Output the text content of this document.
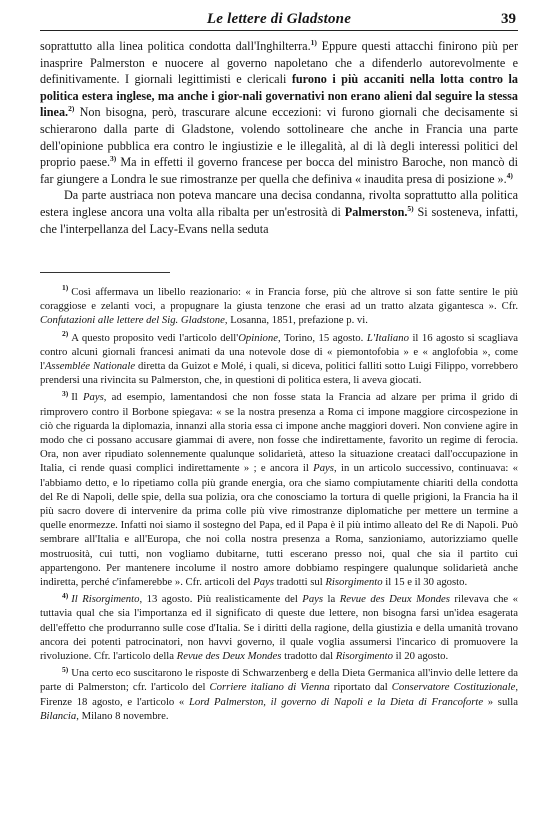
Le lettere di Gladstone	39

soprattutto alla linea politica condotta dall'Inghilterra.$^{1)}$ Eppure questi attacchi finirono più per inasprire Palmerston e nuocere al governo napoletano che a difenderlo autorevolmente e definitivamente. I giornali legittimisti e clericali furono i più accaniti nella lotta contro la politica estera inglese, ma anche i gior-nali governativi non erano alieni dal seguire la stessa linea.$^{2)}$ Non bisogna, però, trascurare alcune eccezioni: vi furono giornali che decisamente si schierarono dalla parte di Gladstone, volendo sottolineare che anche in Francia una parte dell'opinione pubblica era contro le ingiustizie e le illegalità, al di là degli interessi politici del proprio paese.$^{3)}$ Ma in effetti il governo francese per bocca del ministro Baroche, non mancò di far giungere a Londra le sue rimostranze per quella che definiva « inaudita presa di posizione ».$^{4)}$

Da parte austriaca non poteva mancare una decisa condanna, rivolta soprattutto alla politica estera inglese ancora una volta alla ribalta per un'estrosità di Palmerston.$^{5)}$ Si sosteneva, infatti, che l'interpellanza del Lacy-Evans nella seduta

$^{1)}$ Così affermava un libello reazionario: « in Francia forse, più che altrove si son fatte sentire le più coraggiose e zelanti voci, a propugnare la giusta tenzone che erasi ad un tratto alzata gigantesca ». Cfr. Confutazioni alle lettere del Sig. Gladstone, Losanna, 1851, prefazione p. vi.

$^{2)}$ A questo proposito vedi l'articolo dell'Opinione, Torino, 15 agosto. L'Italiano il 16 agosto si scagliava contro alcuni giornali francesi animati da una notevole dose di « piemontofobia » e « anglofobia », come l'Assemblée Nationale diretta da Guizot e Molé, i quali, si diceva, politici falliti sotto Luigi Filippo, vorrebbero prendersi una rivincita su Palmerston, che, in questioni di politica estera, li aveva giocati.

$^{3)}$ Il Pays, ad esempio, lamentandosi che non fosse stata la Francia ad alzare per prima il grido di rimprovero contro il Borbone spiegava: « se la nostra presenza a Roma ci impone maggiore circospezione in ciò che riguarda la diplomazia, innanzi alla storia essa ci impone anche maggiori doveri. Non conviene agire in modo che ci possano accusare giammai di avere, non fosse che indirettamente, favorito un regime di ferocia. Ora, non aver ripudiato solennemente qualunque solidarietà, atteso la situazione creataci dall'occupazione in Italia, ci rende quasi complici indirettamente » ; e ancora il Pays, in un articolo successivo, continuava: « l'abbiamo detto, e lo ripetiamo colla più grande energia, ora che siamo compiutamente chiariti della condotta del Re di Napoli, delle spie, della sua polizia, ora che conosciamo la tortura di quelle prigioni, la Francia ha il più sacro dovere di intervenire da prima colle più vive rimostranze diplomatiche per mettere un termine a quelle enormezze. Infatti noi siamo il sostegno del Papa, ed il Papa è il più intimo alleato del Re di Napoli. Può sembrare all'Italia e all'Europa, che noi colla nostra presenza a Roma, sanzioniamo, autorizziamo quelle mostruosità, cui tutti, non vogliamo dubitarne, tutti escerano presso noi, qual che sia il partito cui appartengono. Per mantenere incolume il nostro amore dobbiamo respingere qualunque solidarietà anche indiretta, perché c'infamerebbe ». Cfr. articoli del Pays tradotti sul Risorgimento il 15 e il 30 agosto.

$^{4)}$ Il Risorgimento, 13 agosto. Più realisticamente del Pays la Revue des Deux Mondes rilevava che « tuttavia qual che sia l'importanza ed il significato di queste due lettere, non bisogna farsi un'idea esagerata dell'effetto che produrranno sulle cose d'Italia. Se i diritti della ragione, della giustizia e della umanità trovano ancora dei potenti patrocinatori, non havvi governo, il quale voglia assumersi l'incarico di promuovere la rivoluzione. Cfr. l'articolo della Revue des Deux Mondes tradotto dal Risorgimento il 20 agosto.

$^{5)}$ Una certo eco suscitarono le risposte di Schwarzenberg e della Dieta Germanica all'invio delle lettere da parte di Palmerston; cfr. l'articolo del Corriere italiano di Vienna riportato dal Conservatore Costituzionale, Firenze 18 agosto, e l'articolo « Lord Palmerston, il governo di Napoli e la Dieta di Francoforte » sulla Bilancia, Milano 8 novembre.
